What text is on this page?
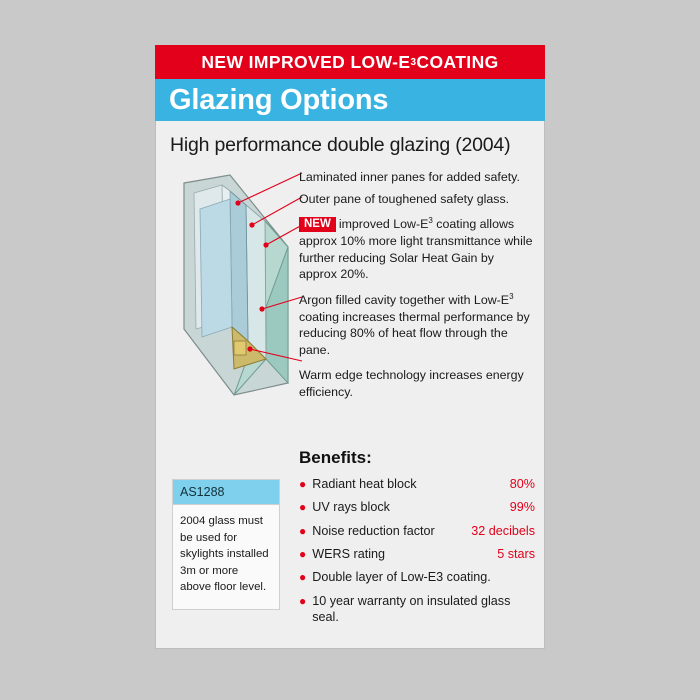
NEW IMPROVED LOW-E 3 COATING
Glazing Options
High performance double glazing (2004)
Laminated inner panes for added safety.
Outer pane of toughened safety glass.
NEW improved Low-$E^3$ coating allows approx 10% more light transmittance while further reducing Solar Heat Gain by approx 20%.
Argon filled cavity together with Low-$E^3$ coating increases thermal performance by reducing 80% of heat flow through the pane.
Warm edge technology increases energy efficiency.
Benefits:
● Radiant heat block	80%
● UV rays block	99%
● Noise reduction factor	32 decibels
● WERS rating	5 stars
● Double layer of Low-E3 coating.
● 10 year warranty on insulated glass seal.
AS1288
2004 glass must be used for skylights installed 3m or more above floor level.
